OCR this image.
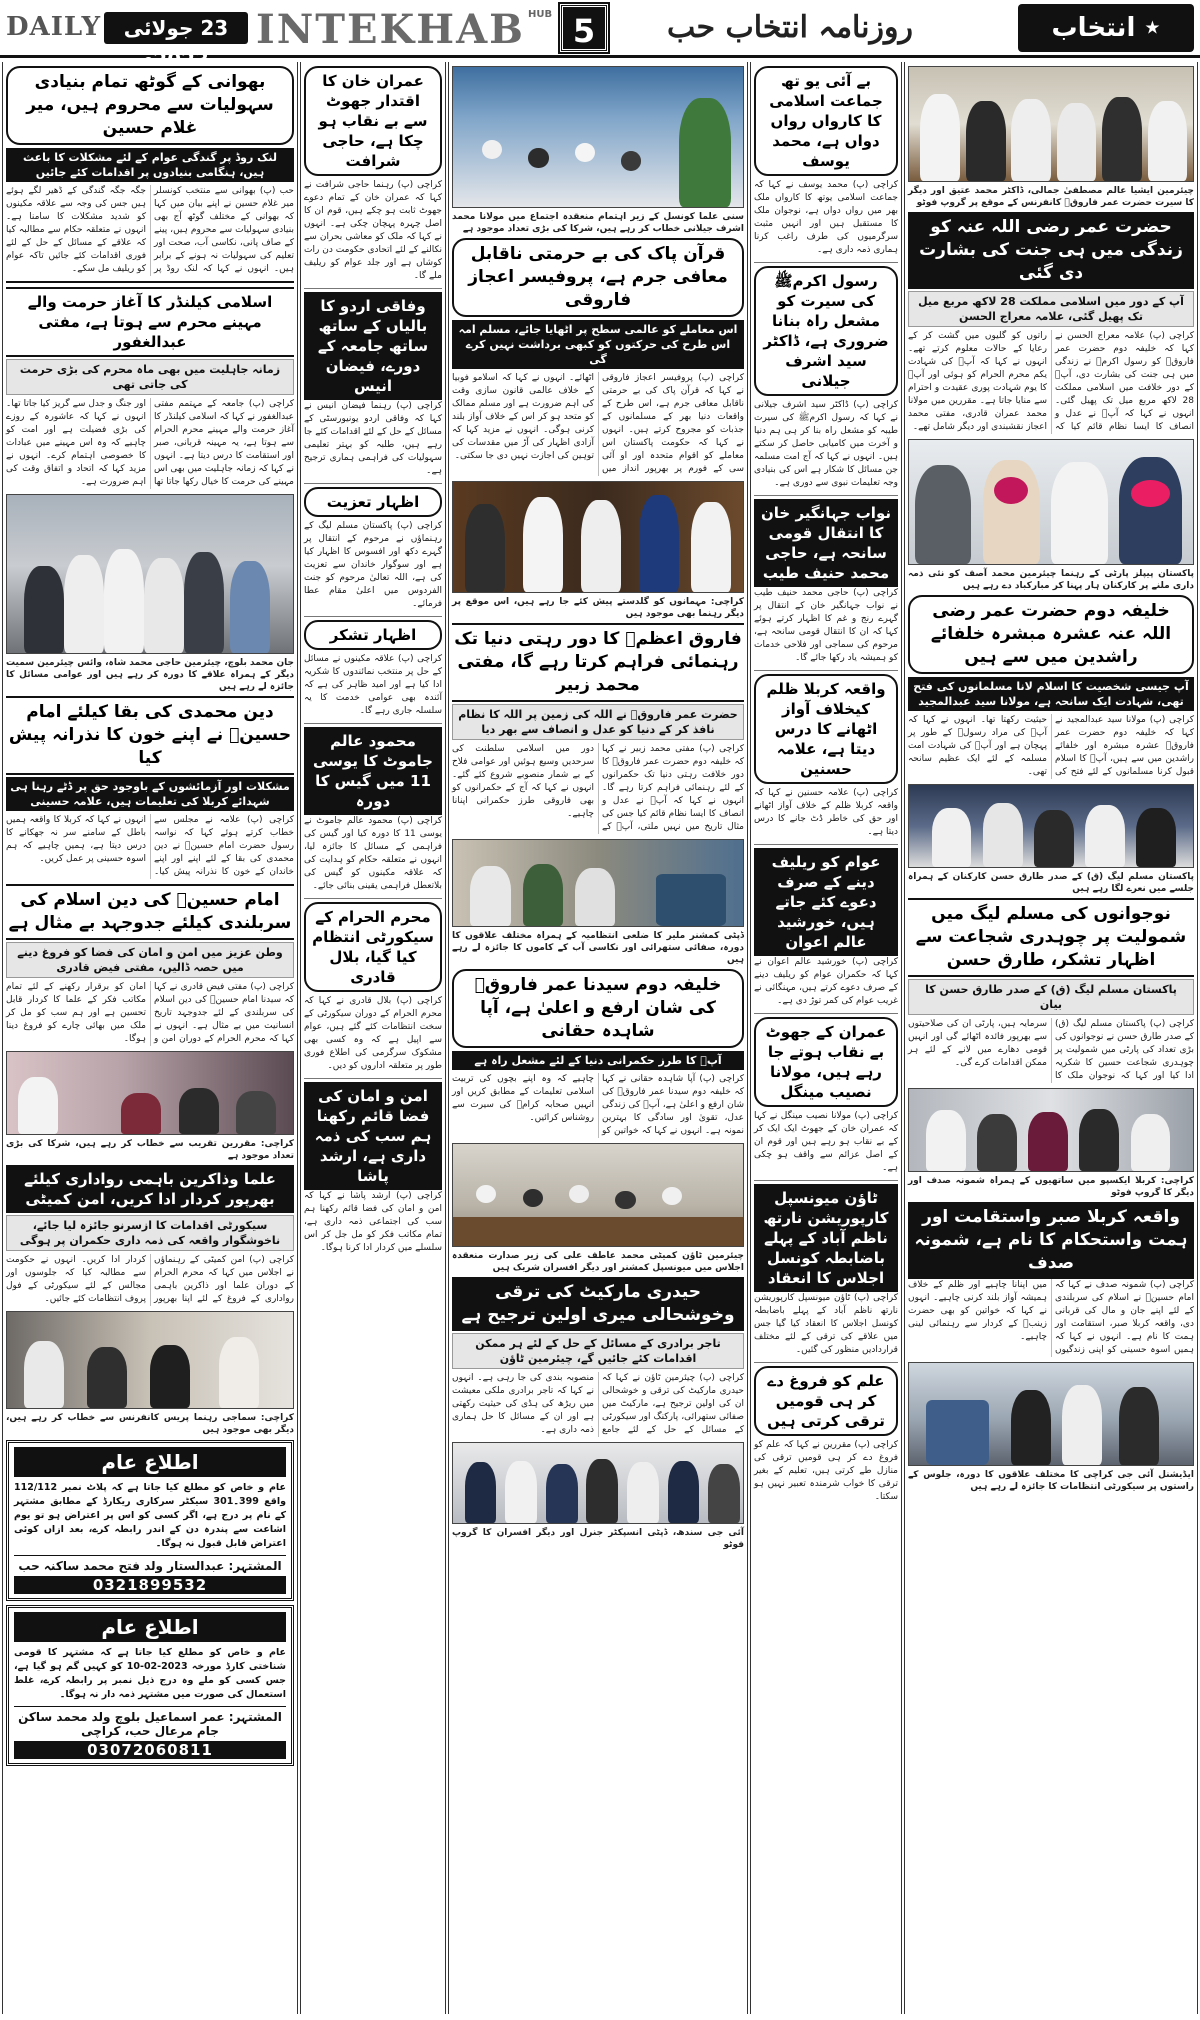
DAILY	23 جولائی 2023ء
INTEKHAB HUB 5	روزنامہ انتخاب حب	★ انتخاب
بھوانی کے گوٹھ تمام بنیادی سہولیات سے محروم ہیں، میر غلام حسین
لنک روڈ پر گندگی عوام کے لئے مشکلات کا باعث ہیں، ہنگامی بنیادوں پر اقدامات کئے جائیں
حب (پ) بھوانی سے منتخب کونسلر میر غلام حسین نے اپنے بیان میں کہا کہ بھوانی کے مختلف گوٹھ آج بھی بنیادی سہولیات سے محروم ہیں، پینے کے صاف پانی، نکاسی آب، صحت اور تعلیم کی سہولیات نہ ہونے کے برابر ہیں۔ انہوں نے کہا کہ لنک روڈ پر جگہ جگہ گندگی کے ڈھیر لگے ہوئے ہیں جس کی وجہ سے علاقہ مکینوں کو شدید مشکلات کا سامنا ہے۔ انہوں نے متعلقہ حکام سے مطالبہ کیا کہ علاقے کے مسائل کے حل کے لئے فوری اقدامات کئے جائیں تاکہ عوام کو ریلیف مل سکے۔
اسلامی کیلنڈر کا آغاز حرمت والے مہینے محرم سے ہوتا ہے، مفتی عبدالغفور
زمانہ جاہلیت میں بھی ماہ محرم کی بڑی حرمت کی جاتی تھی
کراچی (پ) جامعہ کے مہتمم مفتی عبدالغفور نے کہا کہ اسلامی کیلنڈر کا آغاز حرمت والے مہینے محرم الحرام سے ہوتا ہے، یہ مہینہ قربانی، صبر اور استقامت کا درس دیتا ہے۔ انہوں نے کہا کہ زمانہ جاہلیت میں بھی اس مہینے کی حرمت کا خیال رکھا جاتا تھا اور جنگ و جدل سے گریز کیا جاتا تھا۔ انہوں نے کہا کہ عاشورہ کے روزے کی بڑی فضیلت ہے اور امت کو چاہیے کہ وہ اس مہینے میں عبادات کا خصوصی اہتمام کرے۔ انہوں نے مزید کہا کہ اتحاد و اتفاق وقت کی اہم ضرورت ہے۔
جان محمد بلوچ، چیئرمین حاجی محمد شاہ، وائس چیئرمین سمیت دیگر کے ہمراہ علاقے کا دورہ کر رہے ہیں اور عوامی مسائل کا جائزہ لے رہے ہیں
دین محمدی کی بقا کیلئے امام حسینؓ نے اپنے خون کا نذرانہ پیش کیا
مشکلات اور آزمائشوں کے باوجود حق پر ڈٹے رہنا ہی شہدائے کربلا کی تعلیمات ہیں، علامہ حسینی
کراچی (پ) علامہ نے مجلس سے خطاب کرتے ہوئے کہا کہ نواسہ رسول حضرت امام حسینؓ نے دین محمدی کی بقا کے لئے اپنے اور اپنے خاندان کے خون کا نذرانہ پیش کیا۔ انہوں نے کہا کہ کربلا کا واقعہ ہمیں باطل کے سامنے سر نہ جھکانے کا درس دیتا ہے، ہمیں چاہیے کہ ہم اسوہ حسینی پر عمل کریں۔
امام حسینؓ کی دین اسلام کی سربلندی کیلئے جدوجہد بے مثال ہے
وطن عزیز میں امن و امان کی فضا کو فروغ دینے میں حصہ ڈالیں، مفتی فیض قادری
کراچی (پ) مفتی فیض قادری نے کہا کہ سیدنا امام حسینؓ کی دین اسلام کی سربلندی کے لئے جدوجہد تاریخ انسانیت میں بے مثال ہے۔ انہوں نے کہا کہ محرم الحرام کے دوران امن و امان کو برقرار رکھنے کے لئے تمام مکاتب فکر کے علما کا کردار قابل تحسین ہے اور ہم سب کو مل کر ملک میں بھائی چارے کو فروغ دینا ہوگا۔
کراچی: مقررین تقریب سے خطاب کر رہے ہیں، شرکا کی بڑی تعداد موجود ہے
علما وذاکرین باہمی رواداری کیلئے بھرپور کردار ادا کریں، امن کمیٹی
سیکورٹی اقدامات کا ازسرنو جائزہ لیا جائے، ناخوشگوار واقعہ کی ذمہ داری حکمران پر ہوگی
کراچی (پ) امن کمیٹی کے رہنماؤں نے اجلاس میں کہا کہ محرم الحرام کے دوران علما اور ذاکرین باہمی رواداری کے فروغ کے لئے اپنا بھرپور کردار ادا کریں۔ انہوں نے حکومت سے مطالبہ کیا کہ جلوسوں اور مجالس کے لئے سیکورٹی کے فول پروف انتظامات کئے جائیں۔
کراچی: سماجی رہنما پریس کانفرنس سے خطاب کر رہے ہیں، دیگر بھی موجود ہیں
اطلاع عام
عام و خاص کو مطلع کیا جاتا ہے کہ پلاٹ نمبر 112/112 واقع 399۔301 سیکٹر سرکاری ریکارڈ کے مطابق مشتہر کے نام پر درج ہے، اگر کسی کو اس پر اعتراض ہو تو یوم اشاعت سے پندرہ دن کے اندر رابطہ کرے، بعد ازاں کوئی اعتراض قابل قبول نہ ہوگا۔
المشتہر: عبدالستار ولد فتح محمد ساکنہ حب
0321899532
اطلاع عام
عام و خاص کو مطلع کیا جاتا ہے کہ مشتہر کا قومی شناختی کارڈ مورخہ 2023-02-10 کو کہیں گم ہو گیا ہے، جس کسی کو ملے وہ درج ذیل نمبر پر رابطہ کرے، غلط استعمال کی صورت میں مشتہر ذمہ دار نہ ہوگا۔
المشتہر: عمر اسماعیل بلوچ ولد محمد ساکن جام مرعال حب، کراچی
03072060811
عمران خان کا اقتدار جھوٹ سے بے نقاب ہو چکا ہے، حاجی شرافت
کراچی (پ) رہنما حاجی شرافت نے کہا کہ عمران خان کے تمام دعوے جھوٹ ثابت ہو چکے ہیں، قوم ان کا اصل چہرہ پہچان چکی ہے۔ انہوں نے کہا کہ ملک کو معاشی بحران سے نکالنے کے لئے اتحادی حکومت دن رات کوشاں ہے اور جلد عوام کو ریلیف ملے گا۔
وفاقی اردو کا بالیاں کے ساتھ ساتھ جامعہ کے دورے، فیضان انیس
کراچی (پ) رہنما فیضان انیس نے کہا کہ وفاقی اردو یونیورسٹی کے مسائل کے حل کے لئے اقدامات کئے جا رہے ہیں، طلبہ کو بہتر تعلیمی سہولیات کی فراہمی ہماری ترجیح ہے۔
اظہار تعزیت
کراچی (پ) پاکستان مسلم لیگ کے رہنماؤں نے مرحوم کے انتقال پر گہرے دکھ اور افسوس کا اظہار کیا ہے اور سوگوار خاندان سے تعزیت کی ہے، اللہ تعالیٰ مرحوم کو جنت الفردوس میں اعلیٰ مقام عطا فرمائے۔
اظہار تشکر
کراچی (پ) علاقہ مکینوں نے مسائل کے حل پر منتخب نمائندوں کا شکریہ ادا کیا ہے اور امید ظاہر کی ہے کہ آئندہ بھی عوامی خدمت کا یہ سلسلہ جاری رہے گا۔
محمود عالم جاموٹ کا یوسی 11 میں گیس کا دورہ
کراچی (پ) محمود عالم جاموٹ نے یوسی 11 کا دورہ کیا اور گیس کی فراہمی کے مسائل کا جائزہ لیا، انہوں نے متعلقہ حکام کو ہدایت کی کہ علاقہ مکینوں کو گیس کی بلاتعطل فراہمی یقینی بنائی جائے۔
محرم الحرام کے سیکورٹی انتظام کیا گیا، بلال قادری
کراچی (پ) بلال قادری نے کہا کہ محرم الحرام کے دوران سیکورٹی کے سخت انتظامات کئے گئے ہیں، عوام سے اپیل ہے کہ وہ کسی بھی مشکوک سرگرمی کی اطلاع فوری طور پر متعلقہ اداروں کو دیں۔
امن و امان کی فضا قائم رکھنا ہم سب کی ذمہ داری ہے، ارشد پاشا
کراچی (پ) ارشد پاشا نے کہا کہ امن و امان کی فضا قائم رکھنا ہم سب کی اجتماعی ذمہ داری ہے، تمام مکاتب فکر کو مل جل کر اس سلسلے میں کردار ادا کرنا ہوگا۔
سنی علما کونسل کے زیر اہتمام منعقدہ اجتماع میں مولانا محمد اشرف جیلانی خطاب کر رہے ہیں، شرکا کی بڑی تعداد موجود ہے
قرآن پاک کی بے حرمتی ناقابل معافی جرم ہے، پروفیسر اعجاز فاروقی
اس معاملے کو عالمی سطح پر اٹھایا جائے، مسلم امہ اس طرح کی حرکتوں کو کبھی برداشت نہیں کرے گی
کراچی (پ) پروفیسر اعجاز فاروقی نے کہا کہ قرآن پاک کی بے حرمتی ناقابل معافی جرم ہے، اس طرح کے واقعات دنیا بھر کے مسلمانوں کے جذبات کو مجروح کرتے ہیں۔ انہوں نے کہا کہ حکومت پاکستان اس معاملے کو اقوام متحدہ اور او آئی سی کے فورم پر بھرپور انداز میں اٹھائے۔ انہوں نے کہا کہ اسلامو فوبیا کے خلاف عالمی قانون سازی وقت کی اہم ضرورت ہے اور مسلم ممالک کو متحد ہو کر اس کے خلاف آواز بلند کرنی ہوگی۔ انہوں نے مزید کہا کہ آزادی اظہار کی آڑ میں مقدسات کی توہین کی اجازت نہیں دی جا سکتی۔
کراچی: مہمانوں کو گلدستے پیش کئے جا رہے ہیں، اس موقع پر دیگر رہنما بھی موجود ہیں
فاروق اعظمؓ کا دور رہتی دنیا تک رہنمائی فراہم کرتا رہے گا، مفتی محمد زبیر
حضرت عمر فاروقؓ نے اللہ کی زمین پر اللہ کا نظام نافذ کر کے دنیا کو عدل و انصاف سے بھر دیا
کراچی (پ) مفتی محمد زبیر نے کہا کہ خلیفہ دوم حضرت عمر فاروقؓ کا دور خلافت رہتی دنیا تک حکمرانوں کے لئے رہنمائی فراہم کرتا رہے گا۔ انہوں نے کہا کہ آپؓ نے عدل و انصاف کا ایسا نظام قائم کیا جس کی مثال تاریخ میں نہیں ملتی، آپؓ کے دور میں اسلامی سلطنت کی سرحدیں وسیع ہوئیں اور عوامی فلاح کے بے شمار منصوبے شروع کئے گئے۔ انہوں نے کہا کہ آج کے حکمرانوں کو بھی فاروقی طرز حکمرانی اپنانا چاہیے۔
ڈپٹی کمشنر ملیر کا ضلعی انتظامیہ کے ہمراہ مختلف علاقوں کا دورہ، صفائی ستھرائی اور نکاسی آب کے کاموں کا جائزہ لے رہے ہیں
خلیفہ دوم سیدنا عمر فاروقؓ کی شان ارفع و اعلیٰ ہے، آپا شاہدہ حقانی
آپؓ کا طرز حکمرانی دنیا کے لئے مشعل راہ ہے
کراچی (پ) آپا شاہدہ حقانی نے کہا کہ خلیفہ دوم سیدنا عمر فاروقؓ کی شان ارفع و اعلیٰ ہے، آپؓ کی زندگی عدل، تقویٰ اور سادگی کا بہترین نمونہ ہے۔ انہوں نے کہا کہ خواتین کو چاہیے کہ وہ اپنے بچوں کی تربیت اسلامی تعلیمات کے مطابق کریں اور انہیں صحابہ کرامؓ کی سیرت سے روشناس کرائیں۔
چیئرمین ٹاؤن کمیٹی محمد عاطف علی کی زیر صدارت منعقدہ اجلاس میں میونسپل کمشنر اور دیگر افسران شریک ہیں
حیدری مارکیٹ کی ترقی وخوشحالی میری اولین ترجیح ہے
تاجر برادری کے مسائل کے حل کے لئے ہر ممکن اقدامات کئے جائیں گے، چیئرمین ٹاؤن
کراچی (پ) چیئرمین ٹاؤن نے کہا کہ حیدری مارکیٹ کی ترقی و خوشحالی ان کی اولین ترجیح ہے، مارکیٹ میں صفائی ستھرائی، پارکنگ اور سیکورٹی کے مسائل کے حل کے لئے جامع منصوبہ بندی کی جا رہی ہے۔ انہوں نے کہا کہ تاجر برادری ملکی معیشت میں ریڑھ کی ہڈی کی حیثیت رکھتی ہے اور ان کے مسائل کا حل ہماری ذمہ داری ہے۔
آئی جی سندھ، ڈپٹی انسپکٹر جنرل اور دیگر افسران کا گروپ فوٹو
بے آئی یو تھ جماعت اسلامی کا کارواں رواں دواں ہے، محمد یوسف
کراچی (پ) محمد یوسف نے کہا کہ جماعت اسلامی یوتھ کا کارواں ملک بھر میں رواں دواں ہے، نوجوان ملک کا مستقبل ہیں اور انہیں مثبت سرگرمیوں کی طرف راغب کرنا ہماری ذمہ داری ہے۔
رسول اکرمﷺ کی سیرت کو مشعل راہ بنانا ضروری ہے، ڈاکٹر سید اشرف جیلانی
کراچی (پ) ڈاکٹر سید اشرف جیلانی نے کہا کہ رسول اکرمﷺ کی سیرت طیبہ کو مشعل راہ بنا کر ہی ہم دنیا و آخرت میں کامیابی حاصل کر سکتے ہیں۔ انہوں نے کہا کہ آج امت مسلمہ جن مسائل کا شکار ہے اس کی بنیادی وجہ تعلیمات نبوی سے دوری ہے۔
نواب جہانگیر خان کا انتقال قومی سانحہ ہے، حاجی محمد حنیف طیب
کراچی (پ) حاجی محمد حنیف طیب نے نواب جہانگیر خان کے انتقال پر گہرے رنج و غم کا اظہار کرتے ہوئے کہا کہ ان کا انتقال قومی سانحہ ہے، مرحوم کی سماجی اور فلاحی خدمات کو ہمیشہ یاد رکھا جائے گا۔
واقعہ کربلا ظلم کیخلاف آواز اٹھانے کا درس دیتا ہے، علامہ حسنین
کراچی (پ) علامہ حسنین نے کہا کہ واقعہ کربلا ظلم کے خلاف آواز اٹھانے اور حق کی خاطر ڈٹ جانے کا درس دیتا ہے۔
عوام کو ریلیف دینے کے صرف دعوے کئے جاتے ہیں، خورشید عالم اعوان
کراچی (پ) خورشید عالم اعوان نے کہا کہ حکمران عوام کو ریلیف دینے کے صرف دعوے کرتے ہیں، مہنگائی نے غریب عوام کی کمر توڑ دی ہے۔
عمران کے جھوٹ بے نقاب ہوتے جا رہے ہیں، مولانا نصیب مینگل
کراچی (پ) مولانا نصیب مینگل نے کہا کہ عمران خان کے جھوٹ ایک ایک کر کے بے نقاب ہو رہے ہیں اور قوم ان کے اصل عزائم سے واقف ہو چکی ہے۔
ٹاؤن میونسپل کارپوریشن نارتھ ناظم آباد کے پہلے باضابطہ کونسل اجلاس کا انعقاد
کراچی (پ) ٹاؤن میونسپل کارپوریشن نارتھ ناظم آباد کے پہلے باضابطہ کونسل اجلاس کا انعقاد کیا گیا جس میں علاقے کی ترقی کے لئے مختلف قراردادیں منظور کی گئیں۔
علم کو فروغ دے کر ہی قومیں ترقی کرتی ہیں
کراچی (پ) مقررین نے کہا کہ علم کو فروغ دے کر ہی قومیں ترقی کی منازل طے کرتی ہیں، تعلیم کے بغیر ترقی کا خواب شرمندہ تعبیر نہیں ہو سکتا۔
چیئرمین ایشیا عالم مصطفیٰ جمالی، ڈاکٹر محمد عتیق اور دیگر کا سیرت حضرت عمر فاروقؓ کانفرنس کے موقع پر گروپ فوٹو
حضرت عمر رضی اللہ عنہ کو زندگی میں ہی جنت کی بشارت دی گئی
آپ کے دور میں اسلامی مملکت 28 لاکھ مربع میل تک پھیل گئی، علامہ معراج الحسن
کراچی (پ) علامہ معراج الحسن نے کہا کہ خلیفہ دوم حضرت عمر فاروقؓ کو رسول اکرمﷺ نے زندگی میں ہی جنت کی بشارت دی، آپؓ کے دور خلافت میں اسلامی مملکت 28 لاکھ مربع میل تک پھیل گئی۔ انہوں نے کہا کہ آپؓ نے عدل و انصاف کا ایسا نظام قائم کیا کہ راتوں کو گلیوں میں گشت کر کے رعایا کے حالات معلوم کرتے تھے۔ انہوں نے کہا کہ آپؓ کی شہادت یکم محرم الحرام کو ہوئی اور آپؓ کا یوم شہادت پوری عقیدت و احترام سے منایا جاتا ہے۔ مقررین میں مولانا محمد عمران قادری، مفتی محمد اعجاز نقشبندی اور دیگر شامل تھے۔
پاکستان پیپلز پارٹی کے رہنما چیئرمین محمد آصف کو نئی ذمہ داری ملنے پر کارکنان ہار پہنا کر مبارکباد دے رہے ہیں
خلیفہ دوم حضرت عمر رضی اللہ عنہ عشرہ مبشرہ خلفائے راشدین میں سے ہیں
آپ جیسی شخصیت کا اسلام لانا مسلمانوں کی فتح تھی، شہادت ایک سانحہ ہے، مولانا سید عبدالمجید
کراچی (پ) مولانا سید عبدالمجید نے کہا کہ خلیفہ دوم حضرت عمر فاروقؓ عشرہ مبشرہ اور خلفائے راشدین میں سے ہیں، آپؓ کا اسلام قبول کرنا مسلمانوں کے لئے فتح کی حیثیت رکھتا تھا۔ انہوں نے کہا کہ آپؓ کی مراد رسولﷺ کے طور پر پہچان ہے اور آپؓ کی شہادت امت مسلمہ کے لئے ایک عظیم سانحہ تھی۔
پاکستان مسلم لیگ (ق) کے صدر طارق حسن کارکنان کے ہمراہ جلسے میں نعرے لگا رہے ہیں
نوجوانوں کی مسلم لیگ میں شمولیت پر چوہدری شجاعت سے اظہار تشکر، طارق حسن
پاکستان مسلم لیگ (ق) کے صدر طارق حسن کا بیان
کراچی (پ) پاکستان مسلم لیگ (ق) کے صدر طارق حسن نے نوجوانوں کی بڑی تعداد کی پارٹی میں شمولیت پر چوہدری شجاعت حسین کا شکریہ ادا کیا اور کہا کہ نوجوان ملک کا سرمایہ ہیں، پارٹی ان کی صلاحیتوں سے بھرپور فائدہ اٹھائے گی اور انہیں قومی دھارے میں لانے کے لئے ہر ممکن اقدامات کرے گی۔
کراچی: کربلا ایکسپو میں ساتھیوں کے ہمراہ شمونہ صدف اور دیگر کا گروپ فوٹو
واقعہ کربلا صبر واستقامت اور ہمت واستحکام کا نام ہے، شمونہ صدف
کراچی (پ) شمونہ صدف نے کہا کہ امام حسینؓ نے اسلام کی سربلندی کے لئے اپنے جان و مال کی قربانی دی، واقعہ کربلا صبر، استقامت اور ہمت کا نام ہے۔ انہوں نے کہا کہ ہمیں اسوہ حسینی کو اپنی زندگیوں میں اپنانا چاہیے اور ظلم کے خلاف ہمیشہ آواز بلند کرنی چاہیے۔ انہوں نے کہا کہ خواتین کو بھی حضرت زینبؓ کے کردار سے رہنمائی لینی چاہیے۔
ایڈیشنل آئی جی کراچی کا مختلف علاقوں کا دورہ، جلوس کے راستوں پر سیکورٹی انتظامات کا جائزہ لے رہے ہیں
